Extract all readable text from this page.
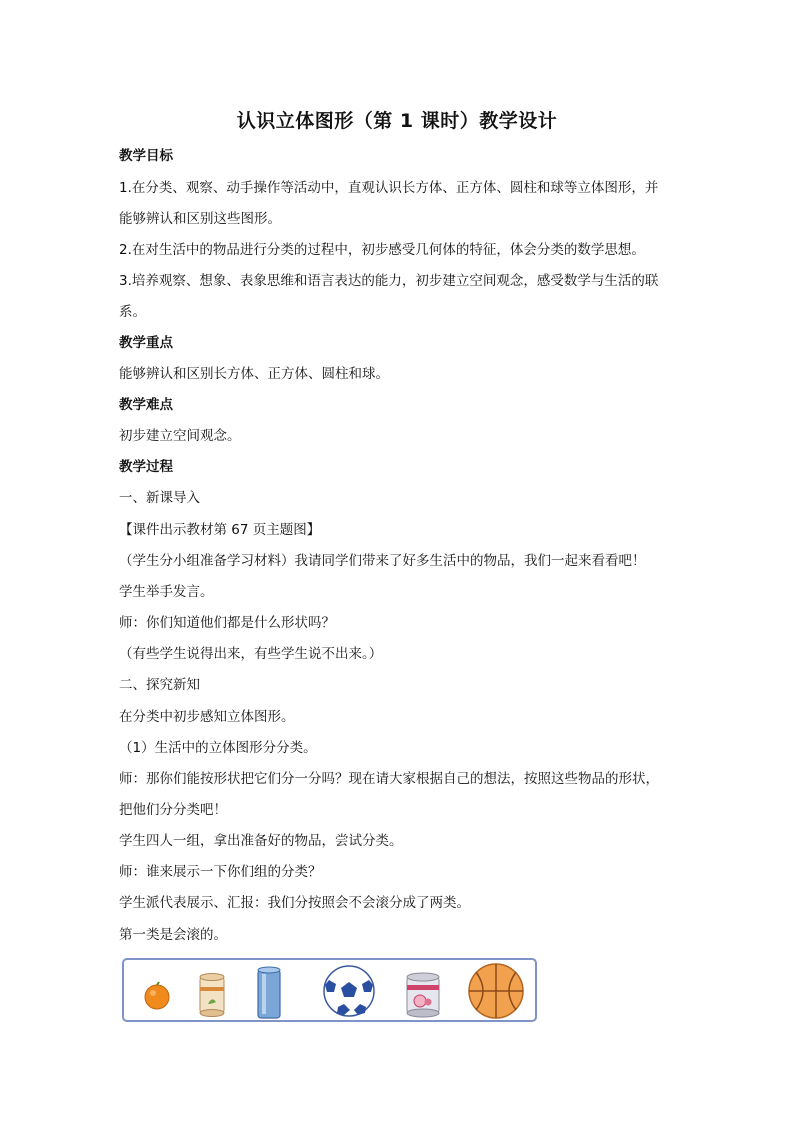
认识立体图形（第 1 课时）教学设计
教学目标
1.在分类、观察、动手操作等活动中，直观认识长方体、正方体、圆柱和球等立体图形，并
能够辨认和区别这些图形。
2.在对生活中的物品进行分类的过程中，初步感受几何体的特征，体会分类的数学思想。
3.培养观察、想象、表象思维和语言表达的能力，初步建立空间观念，感受数学与生活的联
系。
教学重点
能够辨认和区别长方体、正方体、圆柱和球。
教学难点
初步建立空间观念。
教学过程
一、新课导入
【课件出示教材第 67 页主题图】
（学生分小组准备学习材料）我请同学们带来了好多生活中的物品，我们一起来看看吧！
学生举手发言。
师：你们知道他们都是什么形状吗？
（有些学生说得出来，有些学生说不出来。）
二、探究新知
在分类中初步感知立体图形。
（1）生活中的立体图形分分类。
师：那你们能按形状把它们分一分吗？现在请大家根据自己的想法，按照这些物品的形状，
把他们分分类吧！
学生四人一组，拿出准备好的物品，尝试分类。
师：谁来展示一下你们组的分类？
学生派代表展示、汇报：我们分按照会不会滚分成了两类。
第一类是会滚的。
